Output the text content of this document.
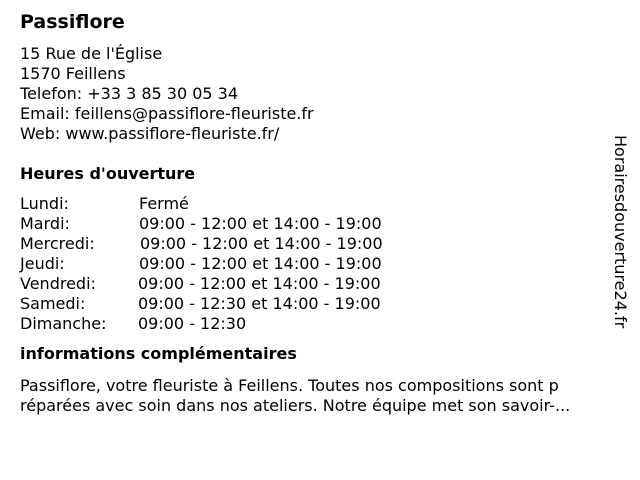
Passiflore
15 Rue de l'Église
1570 Feillens
Telefon: +33 3 85 30 05 34
Email: feillens@passiflore-fleuriste.fr
Web: www.passiflore-fleuriste.fr/
Heures d'ouverture
Lundi:	Fermé
Mardi:	09:00 - 12:00 et 14:00 - 19:00
Mercredi:	09:00 - 12:00 et 14:00 - 19:00
Jeudi:	09:00 - 12:00 et 14:00 - 19:00
Vendredi:	09:00 - 12:00 et 14:00 - 19:00
Samedi:	09:00 - 12:30 et 14:00 - 19:00
Dimanche: 09:00 - 12:30
informations complémentaires
Passiflore, votre fleuriste à Feillens. Toutes nos compositions sont p
réparées avec soin dans nos ateliers. Notre équipe met son savoir-...
Horairesdouverture24.fr
